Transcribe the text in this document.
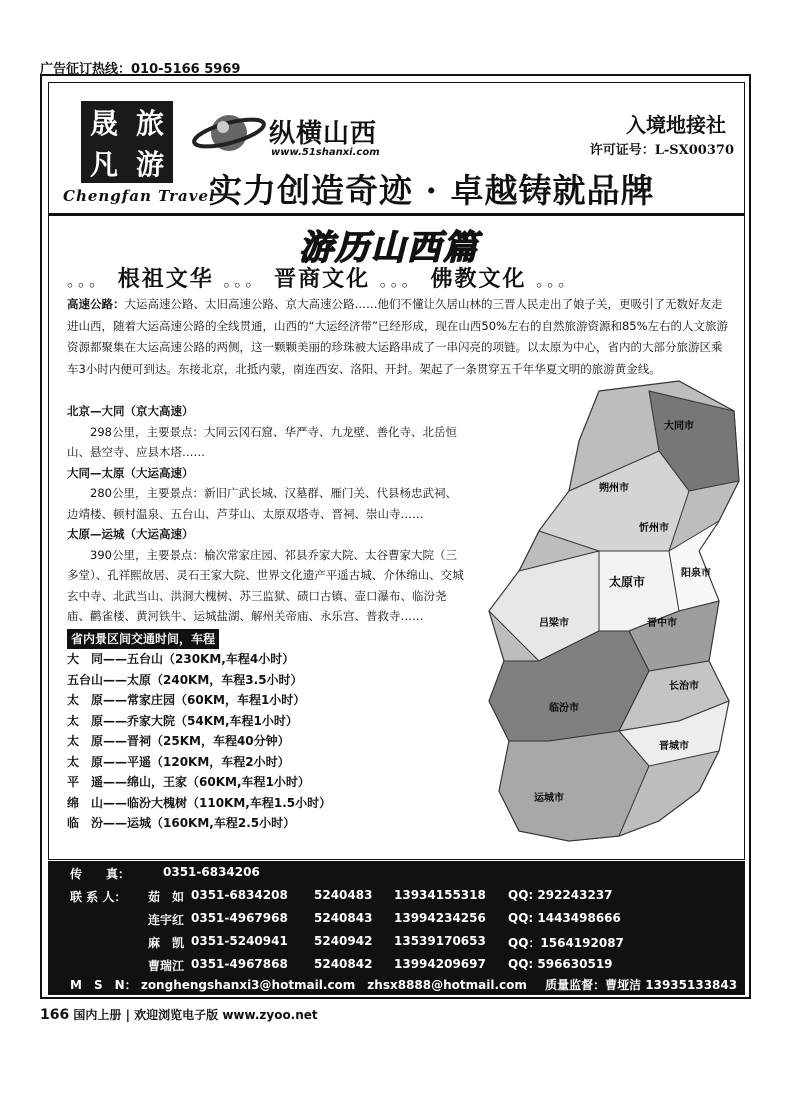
广告征订热线：010-5166 5969
晟 旅
凡 游
Chengfan Travel
纵横山西
www.51shanxi.com
入境地接社
许可证号：L-SX00370
实力创造奇迹 · 卓越铸就品牌
游历山西篇
。。。 根祖文华 。。。 晋商文化 。。。 佛教文化 。。。
高速公路：大运高速公路、太旧高速公路、京大高速公路……他们不懂让久居山林的三晋人民走出了娘子关，更吸引了无数好友走进山西，随着大运高速公路的全线贯通，山西的“大运经济带”已经形成，现在山西50%左右的自然旅游资源和85%左右的人文旅游资源都聚集在大运高速公路的两侧，这一颗颗美丽的珍珠被大运路串成了一串闪亮的项链。以太原为中心，省内的大部分旅游区乘车3小时内便可到达。东接北京，北抵内蒙，南连西安、洛阳、开封。架起了一条贯穿五千年华夏文明的旅游黄金线。
大同市
朔州市
忻州市
阳泉市
太原市
晋中市
吕梁市
长治市
晋城市
临汾市
运城市
北京—大同（京大高速）
298公里，主要景点：大同云冈石窟、华严寺、九龙壁、善化寺、北岳恒山、悬空寺、应县木塔……
大同—太原（大运高速）
280公里，主要景点：新旧广武长城、汉墓群、雁门关、代县杨忠武祠、边靖楼、顿村温泉、五台山、芦芽山、太原双塔寺、晋祠、崇山寺……
太原—运城（大运高速）
390公里，主要景点：榆次常家庄园、祁县乔家大院、太谷曹家大院（三多堂）、孔祥熙故居、灵石王家大院、世界文化遗产平遥古城、介休绵山、交城玄中寺、北武当山、洪洞大槐树、苏三监狱、碛口古镇、壶口瀑布、临汾尧庙、鹳雀楼、黄河铁牛、运城盐湖、解州关帝庙、永乐宫、普救寺……
省内景区间交通时间，车程
大　同——五台山（230KM,车程4小时）
五台山——太原（240KM，车程3.5小时）
太　原——常家庄园（60KM，车程1小时）
太　原——乔家大院（54KM,车程1小时）
太　原——晋祠（25KM，车程40分钟）
太　原——平遥（120KM，车程2小时）
平　遥——绵山，王家（60KM,车程1小时）
绵　山——临汾大槐树（110KM,车程1.5小时）
临　汾——运城（160KM,车程2.5小时）
传　　真：	0351-6834206
联 系 人： 茹　如 0351-6834208 5240483 13934155318 QQ: 292243237
连宇红 0351-4967968 5240843 13994234256 QQ: 1443498666
麻　凯 0351-5240941 5240942 13539170653 QQ：1564192087
曹瑞江 0351-4967868 5240842 13994209697 QQ: 596630519
M　S　N： zonghengshanxi3@hotmail.com　zhsx8888@hotmail.com 质量监督：曹垭洁 13935133843
166 国内上册 | 欢迎浏览电子版 www.zyoo.net
